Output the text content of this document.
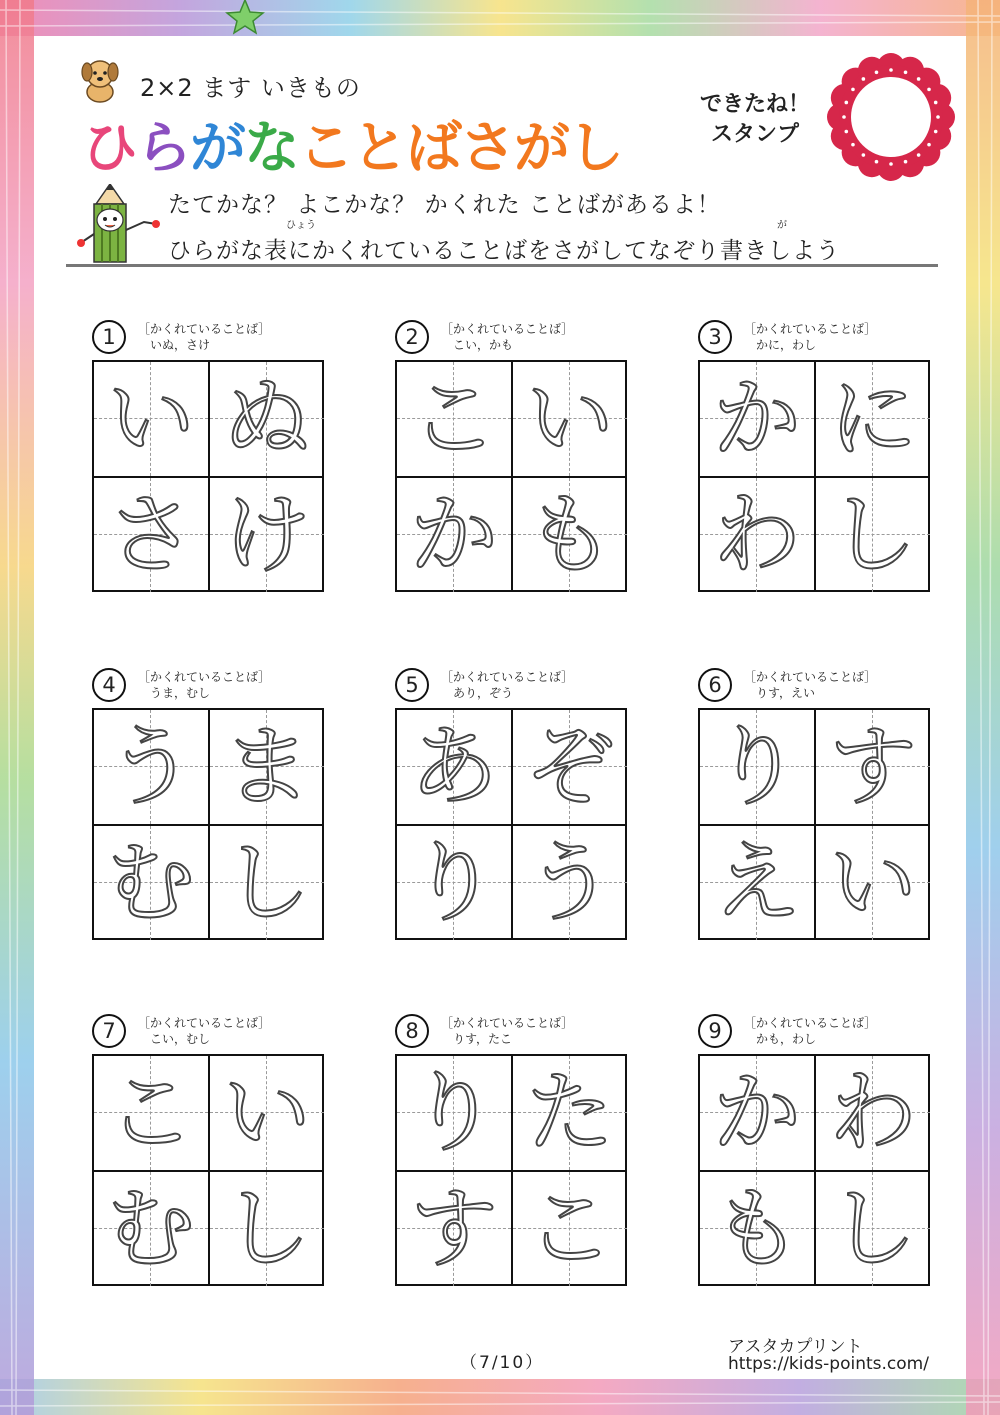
2×2 ます いきもの
ひらがなことばさがし
できたね！
スタンプ
たてかな？ よこかな？ かくれた ことばがあるよ！
ひらがな表にかくれていることばをさがしてなぞり書きしよう
ひょう	が
1	［かくれていることば］
いぬ，さけ
い ぬ
さ け
2	［かくれていることば］
こい，かも
こ い
か も
3	［かくれていることば］
かに，わし
か に
わ し
4	［かくれていることば］
うま，むし
う ま
む し
5	［かくれていることば］
あり，ぞう
あ ぞ
り う
6	［かくれていることば］
りす，えい
り す
え い
7	［かくれていることば］
こい，むし
こ い
む し
8	［かくれていることば］
りす，たこ
り た
す こ
9	［かくれていることば］
かも，わし
か わ
も し
（7/10）
アスタカプリント
https://kids-points.com/
